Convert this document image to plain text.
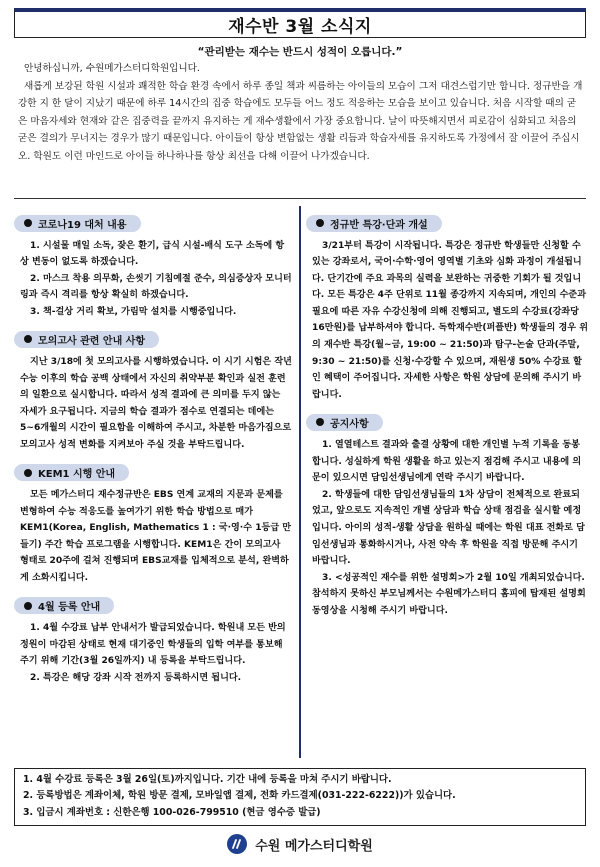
재수반 3월 소식지
“관리받는 재수는 반드시 성적이 오릅니다.”

안녕하십니까, 수원메가스터디학원입니다.

새롭게 보강된 학원 시설과 쾌적한 학습 환경 속에서 하루 종일 책과 씨름하는 아이들의 모습이 그저 대견스럽기만 합니다. 정규반을 개강한 지 한 달이 지났기 때문에 하루 14시간의 집중 학습에도 모두들 어느 정도 적응하는 모습을 보이고 있습니다. 처음 시작할 때의 굳은 마음자세와 현재와 같은 집중력을 끝까지 유지하는 게 재수생활에서 가장 중요합니다. 날이 따뜻해지면서 피로감이 심화되고 처음의 굳은 결의가 무너지는 경우가 많기 때문입니다. 아이들이 항상 변함없는 생활 리듬과 학습자세를 유지하도록 가정에서 잘 이끌어 주십시오. 학원도 이런 마인드로 아이들 하나하나를 항상 최선을 다해 이끌어 나가겠습니다.

코로나19 대처 내용

1. 시설물 매일 소독, 잦은 환기, 급식 시설-배식 도구 소독에 항상 변동이 없도록 하겠습니다.

2. 마스크 착용 의무화, 손씻기 기침예절 준수, 의심증상자 모니터링과 즉시 격리를 항상 확실히 하겠습니다.

3. 책-걸상 거리 확보, 가림막 설치를 시행중입니다.

모의고사 관련 안내 사항

지난 3/18에 첫 모의고사를 시행하였습니다. 이 시기 시험은 작년 수능 이후의 학습 공백 상태에서 자신의 취약부분 확인과 실전 훈련의 일환으로 실시합니다. 따라서 성적 결과에 큰 의미를 두지 않는 자세가 요구됩니다. 지금의 학습 결과가 점수로 연결되는 데에는 5~6개월의 시간이 필요함을 이해하여 주시고, 차분한 마음가짐으로 모의고사 성적 변화를 지켜보아 주실 것을 부탁드립니다.

KEM1 시행 안내

모든 메가스터디 재수정규반은 EBS 연계 교재의 지문과 문제를 변형하여 수능 적응도를 높여가기 위한 학습 방법으로 매가 KEM1(Korea, English, Mathematics 1 : 국·영·수 1등급 만들기) 주간 학습 프로그램을 시행합니다. KEM1은 간이 모의고사 형태로 20주에 걸쳐 진행되며 EBS교재를 입체적으로 분석, 완벽하게 소화시킵니다.

4월 등록 안내

1. 4월 수강료 납부 안내서가 발급되었습니다. 학원내 모든 반의 정원이 마감된 상태로 현재 대기중인 학생들의 입학 여부를 통보해 주기 위해 기간(3월 26일까지) 내 등록을 부탁드립니다.

2. 특강은 해당 강좌 시작 전까지 등록하시면 됩니다.

정규반 특강·단과 개설

3/21부터 특강이 시작됩니다. 특강은 정규반 학생들만 신청할 수 있는 강좌로서, 국어·수학·영어 영역별 기초와 심화 과정이 개설됩니다. 단기간에 주요 과목의 실력을 보완하는 귀중한 기회가 될 것입니다. 모든 특강은 4주 단위로 11월 종강까지 지속되며, 개인의 수준과 필요에 따른 자유 수강신청에 의해 진행되고, 별도의 수강료(강좌당 16만원)를 납부하셔야 합니다. 독학재수반(퍼플반) 학생들의 경우 위의 재수반 특강(월~금, 19:00 ~ 21:50)과 탐구-논술 단과(주말, 9:30 ~ 21:50)를 신청·수강할 수 있으며, 재원생 50% 수강료 할인 혜택이 주어집니다. 자세한 사항은 학원 상담에 문의해 주시기 바랍니다.

공지사항

1. 열열테스트 결과와 출결 상황에 대한 개인별 누적 기록을 동봉합니다. 성실하게 학원 생활을 하고 있는지 점검해 주시고 내용에 의문이 있으시면 담임선생님에게 연락 주시기 바랍니다.

2. 학생들에 대한 담임선생님들의 1차 상담이 전체적으로 완료되었고, 앞으로도 지속적인 개별 상담과 학습 상태 점검을 실시할 예정입니다. 아이의 성적-생활 상담을 원하실 때에는 학원 대표 전화로 담임선생님과 통화하시거나, 사전 약속 후 학원을 직접 방문해 주시기 바랍니다.

3. <성공적인 재수를 위한 설명회>가 2월 10일 개최되었습니다. 참석하지 못하신 부모님께서는 수원메가스터디 홈피에 탑재된 설명회 동영상을 시청해 주시기 바랍니다.

1. 4월 수강료 등록은 3월 26일(토)까지입니다. 기간 내에 등록을 마쳐 주시기 바랍니다.

2. 등록방법은 계좌이체, 학원 방문 결제, 모바일앱 결제, 전화 카드결제(031-222-6222))가 있습니다.

3. 입금시 계좌번호 : 신한은행 100-026-799510 (현금 영수증 발급)

수원 메가스터디학원
